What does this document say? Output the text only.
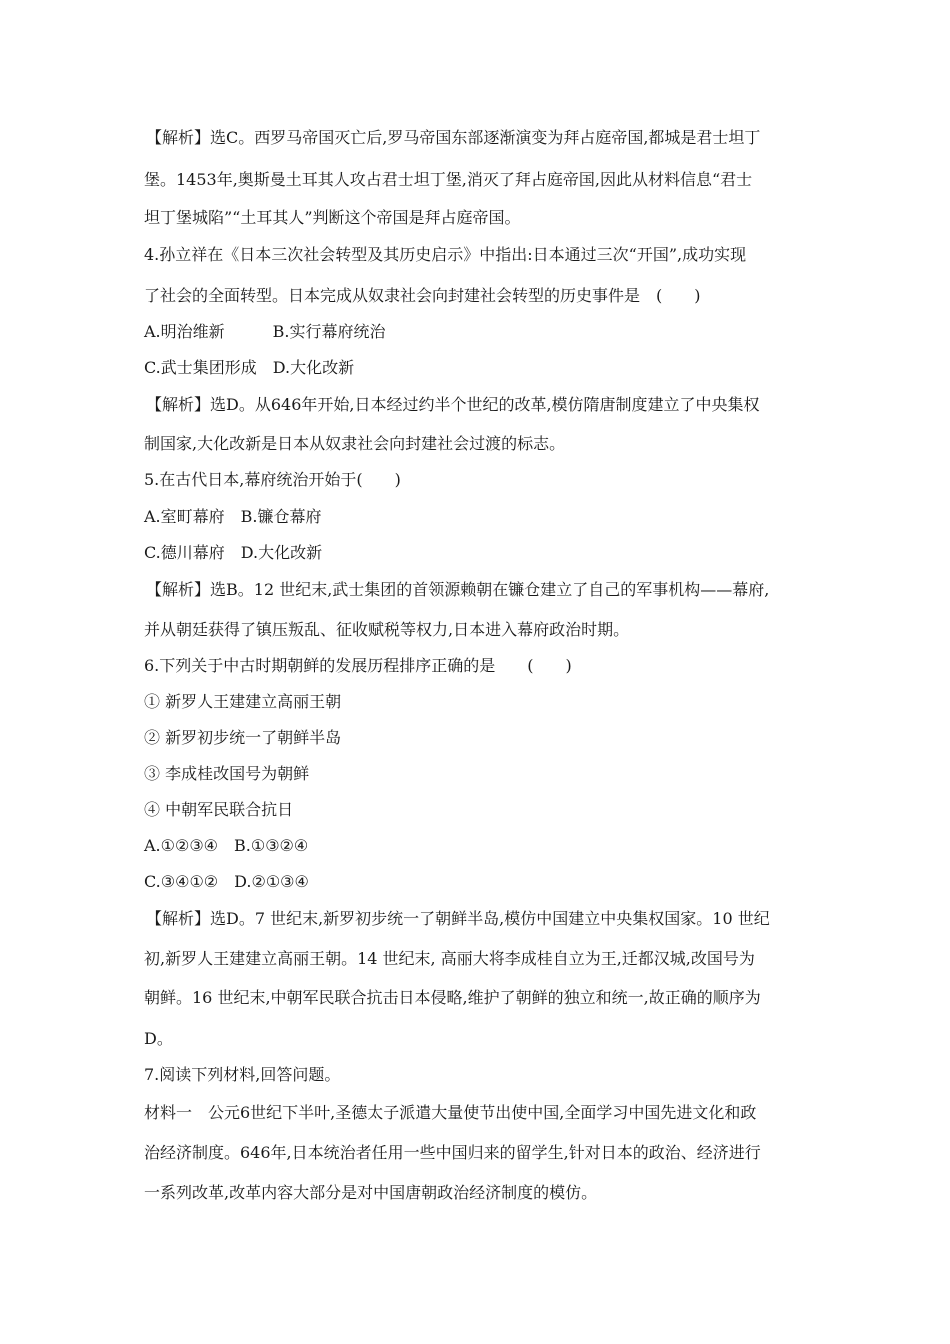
【解析】选C。西罗马帝国灭亡后,罗马帝国东部逐渐演变为拜占庭帝国,都城是君士坦丁
堡。1453年,奥斯曼土耳其人攻占君士坦丁堡,消灭了拜占庭帝国,因此从材料信息“君士
坦丁堡城陷”“土耳其人”判断这个帝国是拜占庭帝国。
4.孙立祥在《日本三次社会转型及其历史启示》中指出:日本通过三次“开国”,成功实现
了社会的全面转型。日本完成从奴隶社会向封建社会转型的历史事件是　(　　)
A.明治维新　　　B.实行幕府统治
C.武士集团形成　D.大化改新
【解析】选D。从646年开始,日本经过约半个世纪的改革,模仿隋唐制度建立了中央集权
制国家,大化改新是日本从奴隶社会向封建社会过渡的标志。
5.在古代日本,幕府统治开始于(　　)
A.室町幕府　B.镰仓幕府
C.德川幕府　D.大化改新
【解析】选B。12 世纪末,武士集团的首领源赖朝在镰仓建立了自己的军事机构——幕府,
并从朝廷获得了镇压叛乱、征收赋税等权力,日本进入幕府政治时期。
6.下列关于中古时期朝鲜的发展历程排序正确的是　　(　　)
① 新罗人王建建立高丽王朝
② 新罗初步统一了朝鲜半岛
③ 李成桂改国号为朝鲜
④ 中朝军民联合抗日
A.①②③④　B.①③②④
C.③④①②　D.②①③④
【解析】选D。7 世纪末,新罗初步统一了朝鲜半岛,模仿中国建立中央集权国家。10 世纪
初,新罗人王建建立高丽王朝。14 世纪末, 高丽大将李成桂自立为王,迁都汉城,改国号为
朝鲜。16 世纪末,中朝军民联合抗击日本侵略,维护了朝鲜的独立和统一,故正确的顺序为
D。
7.阅读下列材料,回答问题。
材料一　公元6世纪下半叶,圣德太子派遣大量使节出使中国,全面学习中国先进文化和政
治经济制度。646年,日本统治者任用一些中国归来的留学生,针对日本的政治、经济进行
一系列改革,改革内容大部分是对中国唐朝政治经济制度的模仿。
